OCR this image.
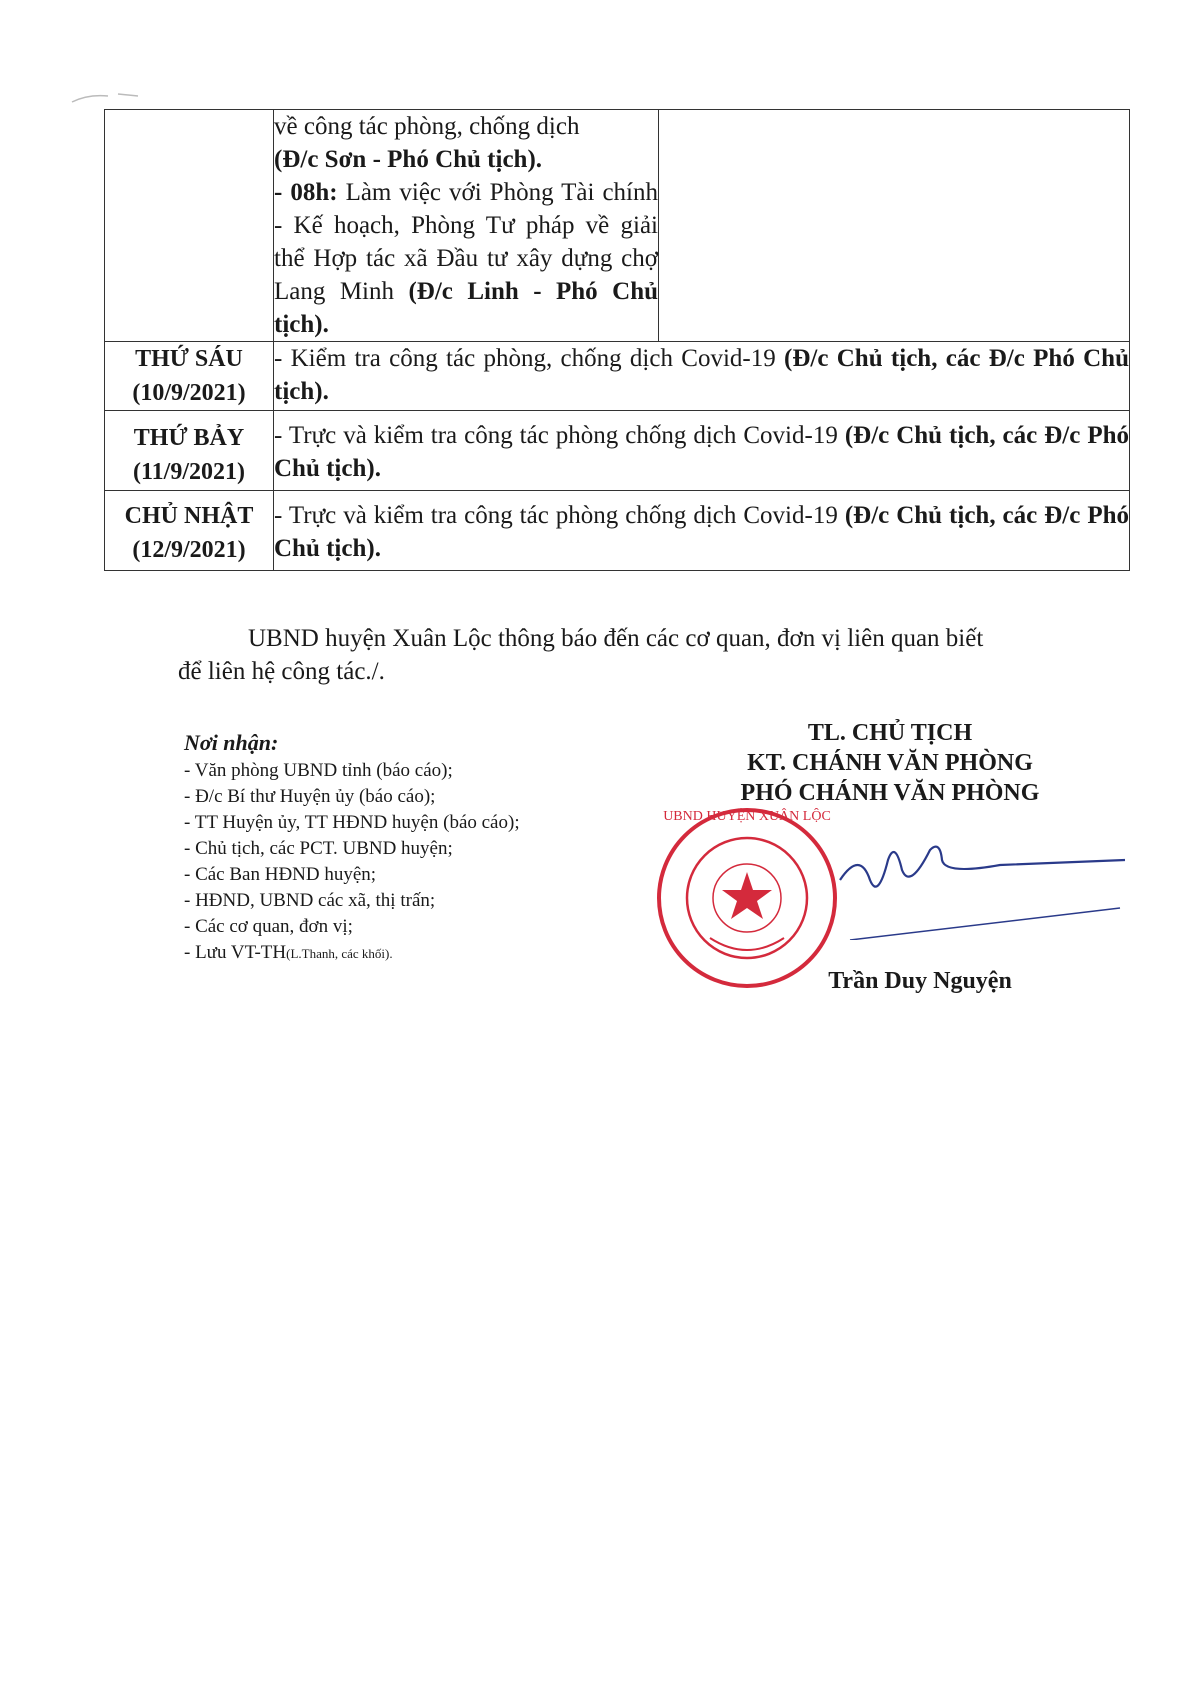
	về công tác phòng, chống dịch

(Đ/c Sơn - Phó Chủ tịch).

- 08h: Làm việc với Phòng Tài chính - Kế hoạch, Phòng Tư pháp về giải thể Hợp tác xã Đầu tư xây dựng chợ Lang Minh (Đ/c Linh - Phó Chủ tịch).	

THỨ SÁU
(10/9/2021)	- Kiểm tra công tác phòng, chống dịch Covid-19 (Đ/c Chủ tịch, các Đ/c Phó Chủ tịch).	

THỨ BẢY
(11/9/2021)	- Trực và kiểm tra công tác phòng chống dịch Covid-19 (Đ/c Chủ tịch, các Đ/c Phó Chủ tịch).	

CHỦ NHẬT
(12/9/2021)	- Trực và kiểm tra công tác phòng chống dịch Covid-19 (Đ/c Chủ tịch, các Đ/c Phó Chủ tịch).	
UBND huyện Xuân Lộc thông báo đến các cơ quan, đơn vị liên quan biết
để liên hệ công tác./.
Nơi nhận:
- Văn phòng UBND tỉnh (báo cáo);
- Đ/c Bí thư Huyện ủy (báo cáo);
- TT Huyện ủy, TT HĐND huyện (báo cáo);
- Chủ tịch, các PCT. UBND huyện;
- Các Ban HĐND huyện;
- HĐND, UBND các xã, thị trấn;
- Các cơ quan, đơn vị;
- Lưu VT-TH(L.Thanh, các khối).
TL. CHỦ TỊCH
KT. CHÁNH VĂN PHÒNG
PHÓ CHÁNH VĂN PHÒNG
UBND HUYỆN XUÂN LỘC
Trần Duy Nguyện
